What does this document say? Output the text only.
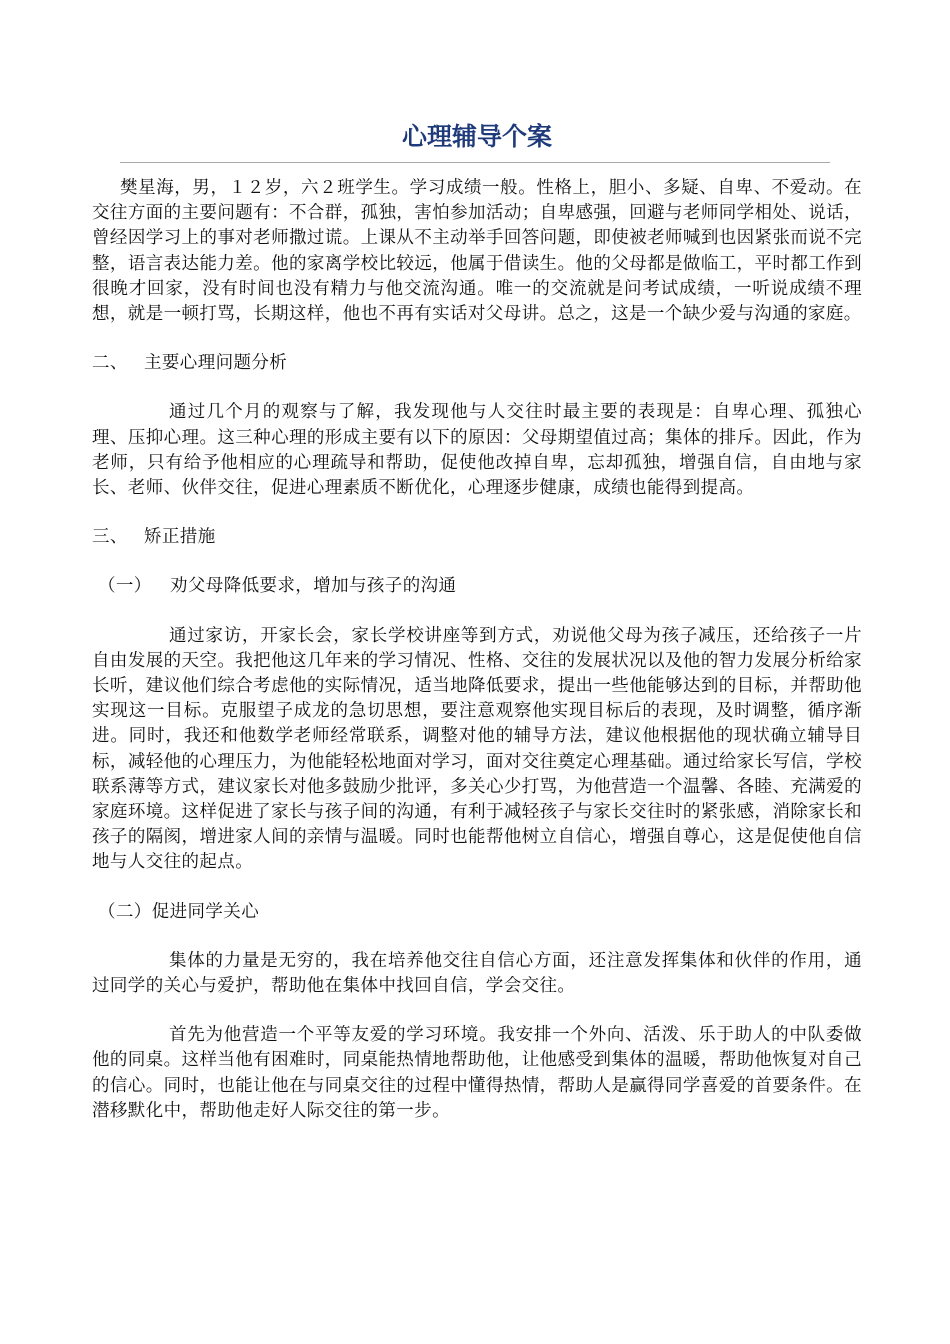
心理辅导个案

樊星海，男，１２岁，六２班学生。学习成绩一般。性格上，胆小、多疑、自卑、不爱动。在交往方面的主要问题有：不合群，孤独，害怕参加活动；自卑感强，回避与老师同学相处、说话，曾经因学习上的事对老师撒过谎。上课从不主动举手回答问题，即使被老师喊到也因紧张而说不完整，语言表达能力差。他的家离学校比较远，他属于借读生。他的父母都是做临工，平时都工作到很晚才回家，没有时间也没有精力与他交流沟通。唯一的交流就是问考试成绩，一听说成绩不理想，就是一顿打骂，长期这样，他也不再有实话对父母讲。总之，这是一个缺少爱与沟通的家庭。

二、 主要心理问题分析

通过几个月的观察与了解，我发现他与人交往时最主要的表现是：自卑心理、孤独心理、压抑心理。这三种心理的形成主要有以下的原因：父母期望值过高；集体的排斥。因此，作为老师，只有给予他相应的心理疏导和帮助，促使他改掉自卑，忘却孤独，增强自信，自由地与家长、老师、伙伴交往，促进心理素质不断优化，心理逐步健康，成绩也能得到提高。

三、 矫正措施
（一） 劝父母降低要求，增加与孩子的沟通

通过家访，开家长会，家长学校讲座等到方式，劝说他父母为孩子减压，还给孩子一片自由发展的天空。我把他这几年来的学习情况、性格、交往的发展状况以及他的智力发展分析给家长听，建议他们综合考虑他的实际情况，适当地降低要求，提出一些他能够达到的目标，并帮助他实现这一目标。克服望子成龙的急切思想，要注意观察他实现目标后的表现，及时调整，循序渐进。同时，我还和他数学老师经常联系，调整对他的辅导方法，建议他根据他的现状确立辅导目标，减轻他的心理压力，为他能轻松地面对学习，面对交往奠定心理基础。通过给家长写信，学校联系薄等方式，建议家长对他多鼓励少批评，多关心少打骂，为他营造一个温馨、各睦、充满爱的家庭环境。这样促进了家长与孩子间的沟通，有利于减轻孩子与家长交往时的紧张感，消除家长和孩子的隔阂，增进家人间的亲情与温暖。同时也能帮他树立自信心，增强自尊心，这是促使他自信地与人交往的起点。

（二）促进同学关心

集体的力量是无穷的，我在培养他交往自信心方面，还注意发挥集体和伙伴的作用，通过同学的关心与爱护，帮助他在集体中找回自信，学会交往。

首先为他营造一个平等友爱的学习环境。我安排一个外向、活泼、乐于助人的中队委做他的同桌。这样当他有困难时，同桌能热情地帮助他，让他感受到集体的温暖，帮助他恢复对自己的信心。同时，也能让他在与同桌交往的过程中懂得热情，帮助人是赢得同学喜爱的首要条件。在潜移默化中，帮助他走好人际交往的第一步。
